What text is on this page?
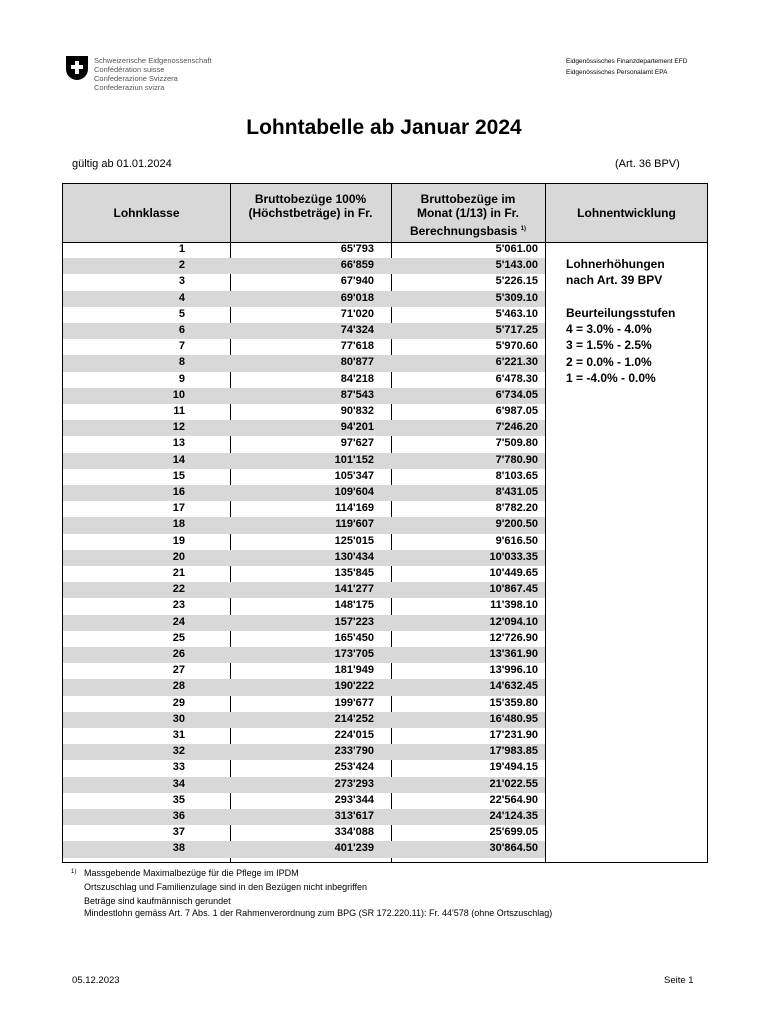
Schweizerische Eidgenossenschaft
Confédération suisse
Confederazione Svizzera
Confederaziun svizra
Eidgenössisches Finanzdepartement EFD
Eidgenössisches Personalamt EPA
Lohntabelle ab Januar 2024
gültig ab 01.01.2024	(Art. 36 BPV)
Lohnklasse
Bruttobezüge 100%
(Höchstbeträge) in Fr.
Bruttobezüge im
Monat (1/13) in Fr.
Berechnungsbasis $^{1)}$
Lohnentwicklung
1	65'793	5'061.00
2	66'859	5'143.00
3	67'940	5'226.15
4	69'018	5'309.10
5	71'020	5'463.10
6	74'324	5'717.25
7	77'618	5'970.60
8	80'877	6'221.30
9	84'218	6'478.30
10	87'543	6'734.05
11	90'832	6'987.05
12	94'201	7'246.20
13	97'627	7'509.80
14	101'152	7'780.90
15	105'347	8'103.65
16	109'604	8'431.05
17	114'169	8'782.20
18	119'607	9'200.50
19	125'015	9'616.50
20	130'434	10'033.35
21	135'845	10'449.65
22	141'277	10'867.45
23	148'175	11'398.10
24	157'223	12'094.10
25	165'450	12'726.90
26	173'705	13'361.90
27	181'949	13'996.10
28	190'222	14'632.45
29	199'677	15'359.80
30	214'252	16'480.95
31	224'015	17'231.90
32	233'790	17'983.85
33	253'424	19'494.15
34	273'293	21'022.55
35	293'344	22'564.90
36	313'617	24'124.35
37	334'088	25'699.05
38	401'239	30'864.50
Lohnerhöhungen
nach Art. 39 BPV
Beurteilungsstufen
4 = 3.0% - 4.0%
3 = 1.5% - 2.5%
2 = 0.0% - 1.0%
1 = -4.0% - 0.0%
1) Massgebende Maximalbezüge für die Pflege im IPDM
Ortszuschlag und Familienzulage sind in den Bezügen nicht inbegriffen
Beträge sind kaufmännisch gerundet
Mindestlohn gemäss Art. 7 Abs. 1 der Rahmenverordnung zum BPG (SR 172.220.11): Fr. 44'578 (ohne Ortszuschlag)
05.12.2023	Seite 1
